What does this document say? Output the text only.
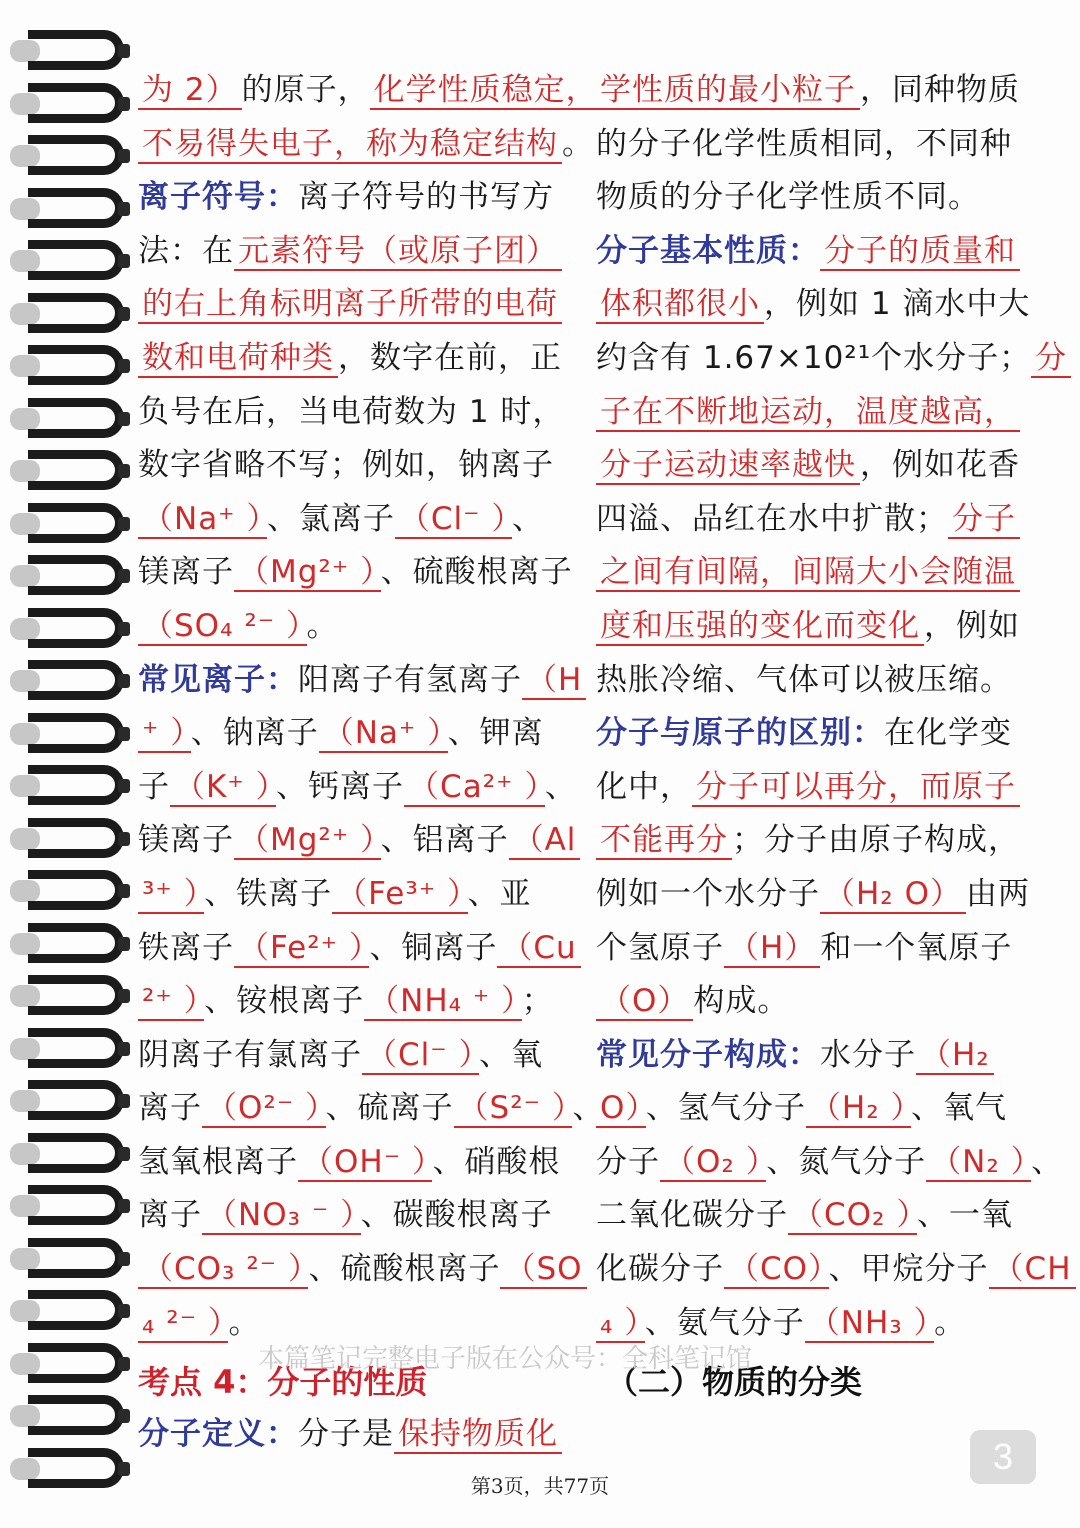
为 2） 的原子， 化学性质稳定，
不易得失电子，称为稳定结构 。
离子符号：离子符号的书写方
法：在 元素符号（或原子团）
的右上角标明离子所带的电荷
数和电荷种类 ，数字在前，正
负号在后，当电荷数为 1 时，
数字省略不写；例如，钠离子
（Na⁺ ） 、氯离子 （Cl⁻ ） 、
镁离子 （Mg²⁺ ） 、硫酸根离子
（SO₄ ²⁻ ） 。
常见离子：阳离子有氢离子 （H
⁺ ） 、钠离子 （Na⁺ ） 、钾离
子 （K⁺ ） 、钙离子 （Ca²⁺ ） 、
镁离子 （Mg²⁺ ） 、铝离子 （Al
³⁺ ） 、铁离子 （Fe³⁺ ） 、亚
铁离子 （Fe²⁺ ） 、铜离子 （Cu
²⁺ ） 、铵根离子 （NH₄ ⁺ ） ；
阴离子有氯离子 （Cl⁻ ） 、氧
离子 （O²⁻ ） 、硫离子 （S²⁻ ） 、
氢氧根离子 （OH⁻ ） 、硝酸根
离子 （NO₃ ⁻ ） 、碳酸根离子
（CO₃ ²⁻ ） 、硫酸根离子 （SO
₄ ²⁻ ） 。
学性质的最小粒子 ，同种物质
的分子化学性质相同，不同种
物质的分子化学性质不同。
分子基本性质： 分子的质量和
体积都很小 ，例如 1 滴水中大
约含有 1.67×10²¹个水分子； 分
子在不断地运动，温度越高，
分子运动速率越快 ，例如花香
四溢、品红在水中扩散； 分子
之间有间隔，间隔大小会随温
度和压强的变化而变化 ，例如
热胀冷缩、气体可以被压缩。
分子与原子的区别：在化学变
化中， 分子可以再分，而原子
不能再分 ；分子由原子构成，
例如一个水分子 （H₂ O） 由两
个氢原子 （H） 和一个氧原子
（O） 构成。
常见分子构成：水分子 （H₂
O） 、氢气分子 （H₂ ） 、氧气
分子 （O₂ ） 、氮气分子 （N₂ ） 、
二氧化碳分子 （CO₂ ） 、一氧
化碳分子 （CO） 、甲烷分子 （CH
₄ ） 、氨气分子 （NH₃ ） 。
考点 4：分子的性质	（二）物质的分类
分子定义：分子是 保持物质化
本篇笔记完整电子版在公众号：全科笔记馆
3
第3页，共77页
